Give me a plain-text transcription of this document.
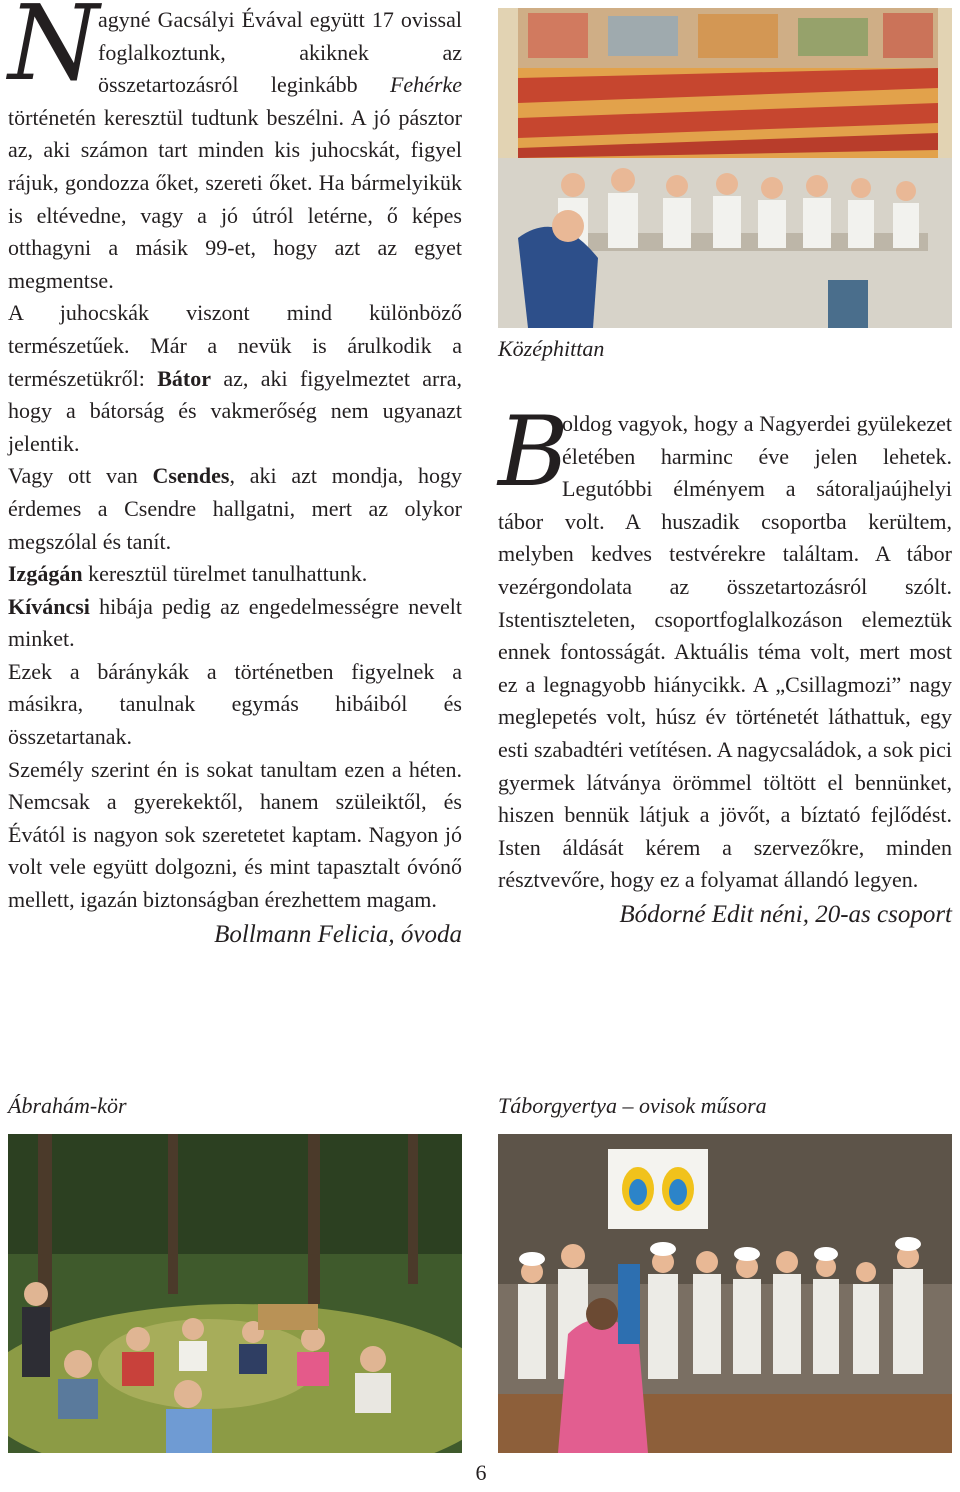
N agyné Gacsályi Évával együtt 17 ovissal foglalkoztunk, akiknek az összetartozásról leginkább Fehérke történetén keresztül tudtunk beszélni. A jó pásztor az, aki számon tart minden kis juhocskát, figyel rájuk, gondozza őket, szereti őket. Ha bármelyikük is eltévedne, vagy a jó útról letérne, ő képes otthagyni a másik 99-et, hogy azt az egyet megmentse.
A juhocskák viszont mind különböző természetűek. Már a nevük is árulkodik a természetükről: Bátor az, aki figyelmeztet arra, hogy a bátorság és vakmerőség nem ugyanazt jelentik.
Vagy ott van Csendes, aki azt mondja, hogy érdemes a Csendre hallgatni, mert az olykor megszólal és tanít.
Izgágán keresztül türelmet tanulhattunk.
Kíváncsi hibája pedig az engedelmességre nevelt minket.
Ezek a báránykák a történetben figyelnek a másikra, tanulnak egymás hibáiból és összetartanak.
Személy szerint én is sokat tanultam ezen a héten. Nemcsak a gyerekektől, hanem szüleiktől, és Évától is nagyon sok szeretetet kaptam. Nagyon jó volt vele együtt dolgozni, és mint tapasztalt óvónő mellett, igazán biztonságban érezhettem magam.
Bollmann Felicia, óvoda
Középhittan
B
oldog vagyok, hogy a Nagyerdei gyülekezet életében harminc éve jelen lehetek. Legutóbbi élményem a sátoraljaújhelyi tábor volt. A huszadik csoportba kerültem, melyben kedves testvérekre találtam. A tábor vezérgondolata az összetartozásról szólt. Istentiszteleten, csoportfoglalkozáson elemeztük ennek fontosságát. Aktuális téma volt, mert most ez a legnagyobb hiánycikk. A „Csillagmozi” nagy meglepetés volt, húsz év történetét láthattuk, egy esti szabadtéri vetítésen. A nagycsaládok, a sok pici gyermek látványa örömmel töltött el bennünket, hiszen bennük látjuk a jövőt, a bíztató fejlődést. Isten áldását kérem a szervezőkre, minden résztvevőre, hogy ez a folyamat állandó legyen.
Bódorné Edit néni, 20-as csoport
Ábrahám-kör	Táborgyertya – ovisok műsora
6
